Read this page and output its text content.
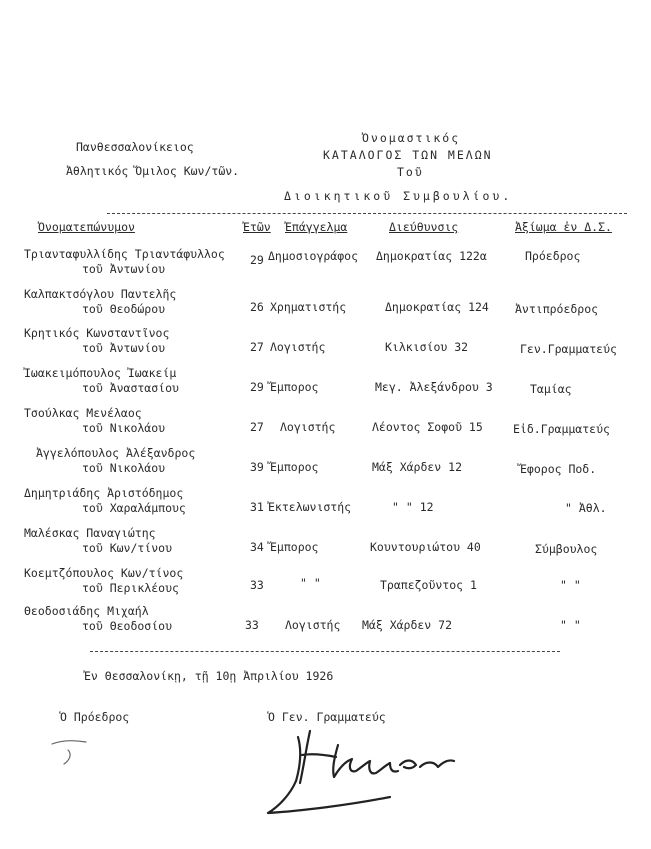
Πανθεσσαλονίκειος
Ἀθλητικός Ὅμιλος Κων/τῶν.
Ὀνομαστικός
ΚΑΤΑΛΟΓΟΣ ΤΩΝ ΜΕΛΩΝ
Τοῦ
Διοικητικοῦ Συμβουλίου.
Ὀνοματεπώνυμον	Ἐτῶν Ἐπάγγελμα	Διεύθυνσις	Ἀξίωμα ἐν Δ.Σ.
Τριανταφυλλίδης Τριαντάφυλλος
τοῦ Ἀντωνίου
29 Δημοσιογράφος Δημοκρατίας 122α	Πρόεδρος
Καλπακτσόγλου Παντελῆς
τοῦ Θεοδώρου	26 Χρηματιστής	Δημοκρατίας 124 Ἀντιπρόεδρος
Κρητικός Κωνσταντῖνος
τοῦ Ἀντωνίου	27 Λογιστής	Κιλκισίου 32	Γεν.Γραμματεύς
Ἰωακειμόπουλος Ἰωακείμ
τοῦ Ἀναστασίου	29 Ἔμπορος	Μεγ. Ἀλεξάνδρου 3	Ταμίας
Τσούλκας Μενέλαος
τοῦ Νικολάου	27 Λογιστής	Λέοντος Σοφοῦ 15	Εἰδ.Γραμματεύς
Ἀγγελόπουλος Ἀλέξανδρος
τοῦ Νικολάου	39 Ἔμπορος	Μάξ Χάρδεν 12	Ἔφορος Ποδ.
Δημητριάδης Ἀριστόδημος
τοῦ Χαραλάμπους	31 Ἐκτελωνιστής	" " 12	" Ἀθλ.
Μαλέσκας Παναγιώτης
τοῦ Κων/τίνου	34 Ἔμπορος	Κουντουριώτου 40	Σύμβουλος
Κοεμτζόπουλος Κων/τίνος
τοῦ Περικλέους	33	" "	Τραπεζοῦντος 1	" "
Θεοδοσιάδης Μιχαήλ
τοῦ Θεοδοσίου	33 Λογιστής Μάξ Χάρδεν 72	" "
Ἐν Θεσσαλονίκῃ, τῇ 10ῃ Ἀπριλίου 1926
Ὁ Πρόεδρος	Ὁ Γεν. Γραμματεύς
